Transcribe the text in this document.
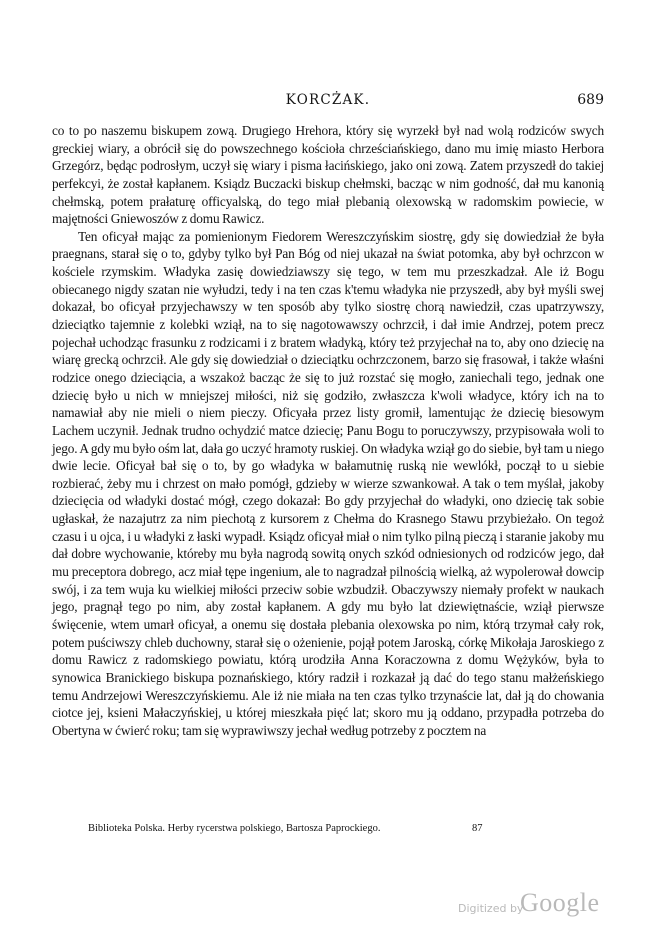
KORCŻAK.	689

co to po naszemu biskupem zową. Drugiego Hrehora, który się wyrzekł był nad wolą rodziców swych greckiej wiary, a obrócił się do powszechnego kościoła chrześciańskiego, dano mu imię miasto Herbora Grzegórz, będąc podrosłym, uczył się wiary i pisma łacińskiego, jako oni zową. Zatem przyszedł do takiej perfekcyi, że został kapłanem. Ksiądz Buczacki biskup chełmski, bacząc w nim godność, dał mu kanonią chełmską, potem prałaturę officyalską, do tego miał plebanią olexowską w radomskim powiecie, w majętności Gniewoszów z domu Rawicz.

Ten oficyał mając za pomienionym Fiedorem Wereszczyńskim siostrę, gdy się dowiedział że była praegnans, starał się o to, gdyby tylko był Pan Bóg od niej ukazał na świat potomka, aby był ochrzcon w kościele rzymskim. Władyka zasię dowiedziawszy się tego, w tem mu przeszkadzał. Ale iż Bogu obiecanego nigdy szatan nie wyłudzi, tedy i na ten czas k'temu władyka nie przyszedł, aby był myśli swej dokazał, bo oficyał przyjechawszy w ten sposób aby tylko siostrę chorą nawiedził, czas upatrzywszy, dzieciątko tajemnie z kolebki wziął, na to się nagotowawszy ochrzcił, i dał imie Andrzej, potem precz pojechał uchodząc frasunku z rodzicami i z bratem władyką, który też przyjechał na to, aby ono dziecię na wiarę grecką ochrzcił. Ale gdy się dowiedział o dzieciątku ochrzczonem, barzo się frasował, i także właśni rodzice onego dzieciącia, a wszakoż bacząc że się to już rozstać się mogło, zaniechali tego, jednak one dziecię było u nich w mniejszej miłości, niż się godziło, zwłaszcza k'woli władyce, który ich na to namawiał aby nie mieli o niem pieczy. Oficyała przez listy gromił, lamentując że dziecię biesowym Lachem uczynił. Jednak trudno ochydzić matce dziecię; Panu Bogu to poruczywszy, przypisowała woli to jego. A gdy mu było ośm lat, dała go uczyć hramoty ruskiej. On władyka wziął go do siebie, był tam u niego dwie lecie. Oficyał bał się o to, by go władyka w bałamutnię ruską nie wewlókł, począł to u siebie rozbierać, żeby mu i chrzest on mało pomógł, gdzieby w wierze szwankował. A tak o tem myślał, jakoby dziecięcia od władyki dostać mógł, czego dokazał: Bo gdy przyjechał do władyki, ono dziecię tak sobie ugłaskał, że nazajutrz za nim piechotą z kursorem z Chełma do Krasnego Stawu przybieżało. On tegoż czasu i u ojca, i u władyki z łaski wypadł. Ksiądz oficyał miał o nim tylko pilną pieczą i staranie jakoby mu dał dobre wychowanie, któreby mu była nagrodą sowitą onych szkód odniesionych od rodziców jego, dał mu preceptora dobrego, acz miał tępe ingenium, ale to nagradzał pilnością wielką, aż wypolerował dowcip swój, i za tem wuja ku wielkiej miłości przeciw sobie wzbudził. Obaczywszy niemały profekt w naukach jego, pragnął tego po nim, aby został kapłanem. A gdy mu było lat dziewiętnaście, wziął pierwsze święcenie, wtem umarł oficyał, a onemu się dostała plebania olexowska po nim, którą trzymał cały rok, potem puściwszy chleb duchowny, starał się o ożenienie, pojął potem Jaroską, córkę Mikołaja Jaroskiego z domu Rawicz z radomskiego powiatu, którą urodziła Anna Koraczowna z domu Wężyków, była to synowica Branickiego biskupa poznańskiego, który radził i rozkazał ją dać do tego stanu małżeńskiego temu Andrzejowi Wereszczyńskiemu. Ale iż nie miała na ten czas tylko trzynaście lat, dał ją do chowania ciotce jej, ksieni Małaczyńskiej, u której mieszkała pięć lat; skoro mu ją oddano, przypadła potrzeba do Obertyna w ćwierć roku; tam się wyprawiwszy jechał według potrzeby z pocztem na

Biblioteka Polska. Herby rycerstwa polskiego, Bartosza Paprockiego.	87
Digitized by
Google
